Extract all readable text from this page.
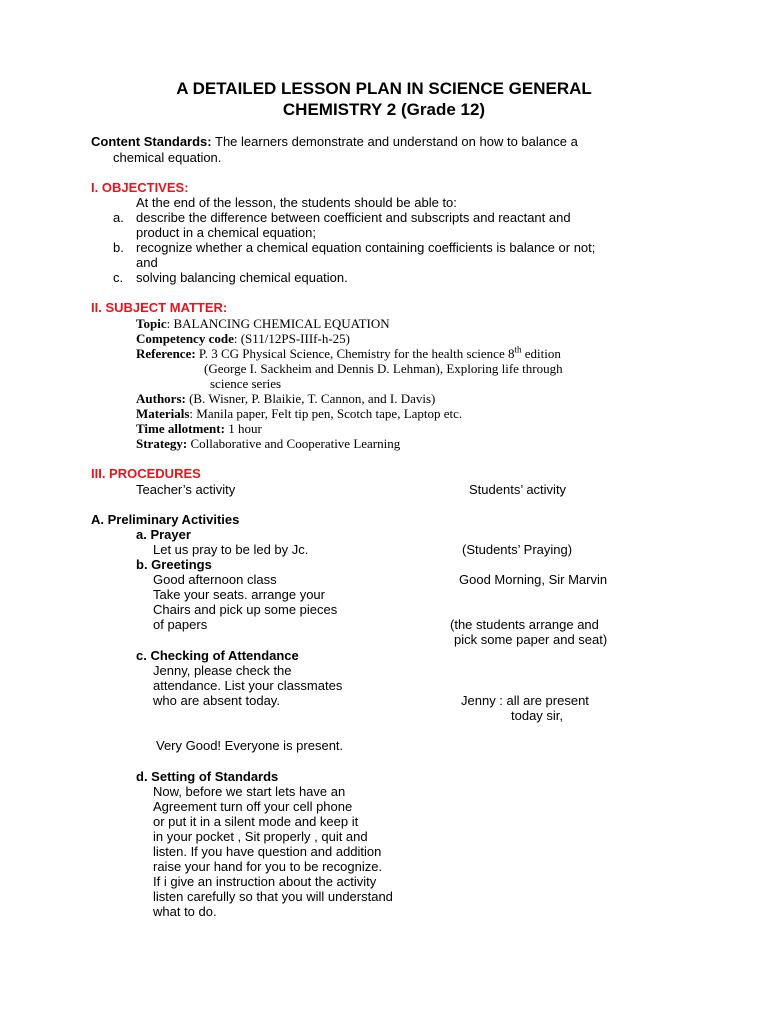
A DETAILED LESSON PLAN IN SCIENCE GENERAL
CHEMISTRY 2 (Grade 12)
Content Standards: The learners demonstrate and understand on how to balance a
chemical equation.
I. OBJECTIVES:
At the end of the lesson, the students should be able to:
a. describe the difference between coefficient and subscripts and reactant and
product in a chemical equation;
b. recognize whether a chemical equation containing coefficients is balance or not;
and
c. solving balancing chemical equation.
II. SUBJECT MATTER:
Topic: BALANCING CHEMICAL EQUATION
Competency code: (S11/12PS-IIIf-h-25)
Reference: P. 3 CG Physical Science, Chemistry for the health science 8th edition
(George I. Sackheim and Dennis D. Lehman), Exploring life through
science series
Authors: (B. Wisner, P. Blaikie, T. Cannon, and I. Davis)
Materials: Manila paper, Felt tip pen, Scotch tape, Laptop etc.
Time allotment: 1 hour
Strategy: Collaborative and Cooperative Learning
III. PROCEDURES
Teacher’s activity	Students’ activity
A. Preliminary Activities
a. Prayer
Let us pray to be led by Jc.	(Students’ Praying)
b. Greetings
Good afternoon class	Good Morning, Sir Marvin
Take your seats. arrange your
Chairs and pick up some pieces
of papers	(the students arrange and
pick some paper and seat)
c. Checking of Attendance
Jenny, please check the
attendance. List your classmates
who are absent today.	Jenny : all are present
today sir,
Very Good! Everyone is present.
d. Setting of Standards
Now, before we start lets have an
Agreement turn off your cell phone
or put it in a silent mode and keep it
in your pocket , Sit properly , quit and
listen. If you have question and addition
raise your hand for you to be recognize.
If i give an instruction about the activity
listen carefully so that you will understand
what to do.
